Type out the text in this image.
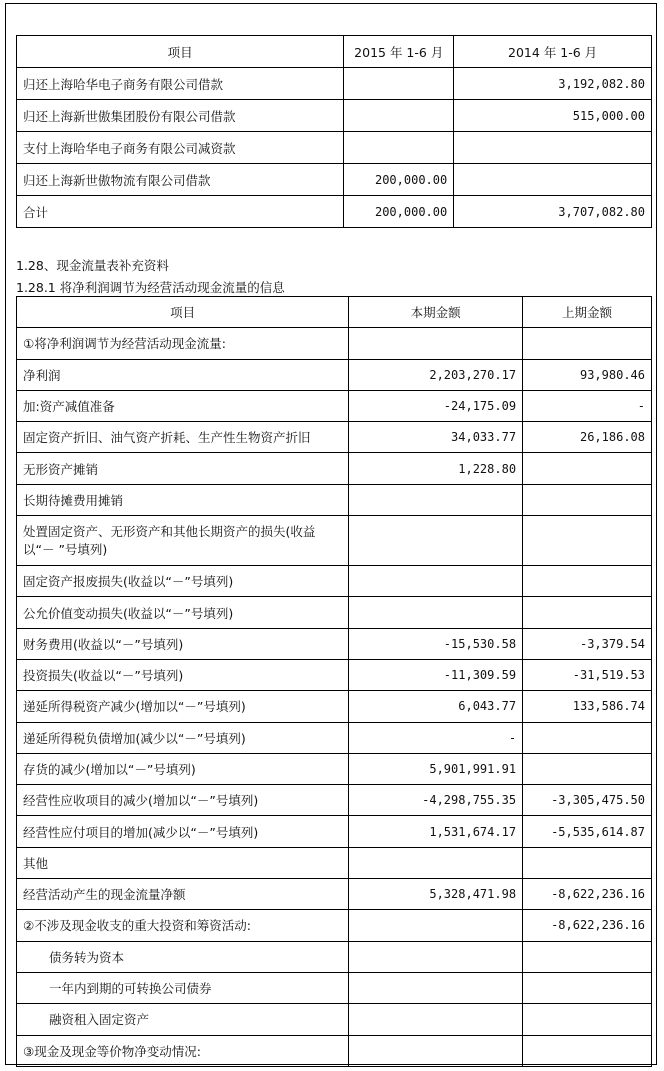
项目	2015 年 1-6 月	2014 年 1-6 月
归还上海哈华电子商务有限公司借款		3,192,082.80
归还上海新世傲集团股份有限公司借款		515,000.00
支付上海哈华电子商务有限公司减资款		
归还上海新世傲物流有限公司借款	200,000.00	
合计	200,000.00	3,707,082.80
1.28、现金流量表补充资料
1.28.1 将净利润调节为经营活动现金流量的信息
项目	本期金额	上期金额
①将净利润调节为经营活动现金流量:		
净利润	2,203,270.17	93,980.46
加:资产减值准备	-24,175.09	-
固定资产折旧、油气资产折耗、生产性生物资产折旧	34,033.77	26,186.08
无形资产摊销	1,228.80	
长期待摊费用摊销		
处置固定资产、无形资产和其他长期资产的损失(收益以“－ ”号填列)		
固定资产报废损失(收益以“－”号填列)		
公允价值变动损失(收益以“－”号填列)		
财务费用(收益以“－”号填列)	-15,530.58	-3,379.54
投资损失(收益以“－”号填列)	-11,309.59	-31,519.53
递延所得税资产减少(增加以“－”号填列)	6,043.77	133,586.74
递延所得税负债增加(减少以“－”号填列)	-	
存货的减少(增加以“－”号填列)	5,901,991.91	
经营性应收项目的减少(增加以“－”号填列)	-4,298,755.35	-3,305,475.50
经营性应付项目的增加(减少以“－”号填列)	1,531,674.17	-5,535,614.87
其他		
经营活动产生的现金流量净额	5,328,471.98	-8,622,236.16
②不涉及现金收支的重大投资和筹资活动:		-8,622,236.16
债务转为资本		
一年内到期的可转换公司债券		
融资租入固定资产		
③现金及现金等价物净变动情况:		
